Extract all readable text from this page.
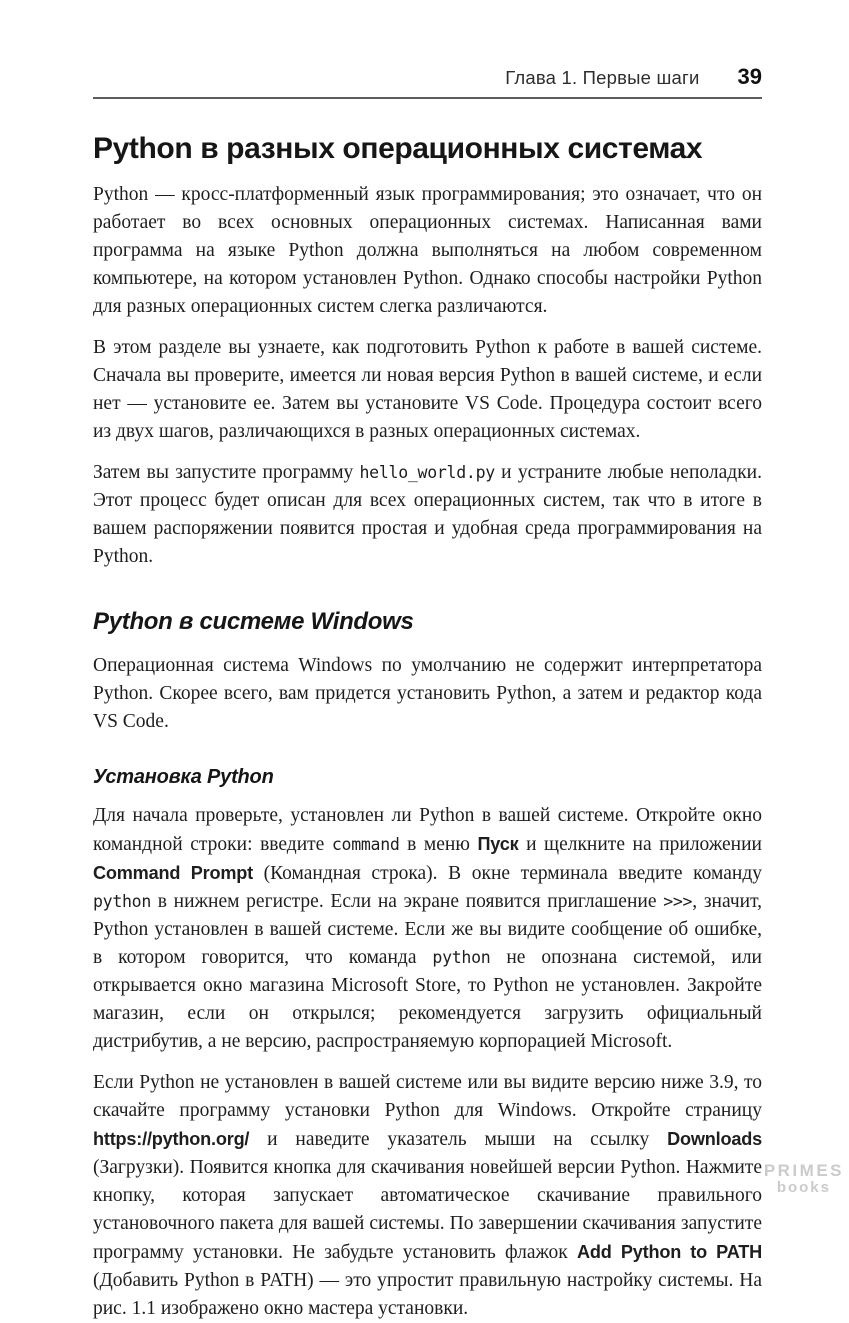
Глава 1. Первые шаги 39
Python в разных операционных системах

Python — кросс-платформенный язык программирования; это означает, что он работает во всех основных операционных системах. Написанная вами программа на языке Python должна выполняться на любом современном компьютере, на котором установлен Python. Однако способы настройки Python для разных операционных систем слегка различаются.

В этом разделе вы узнаете, как подготовить Python к работе в вашей системе. Сначала вы проверите, имеется ли новая версия Python в вашей системе, и если нет — установите ее. Затем вы установите VS Code. Процедура состоит всего из двух шагов, различающихся в разных операционных системах.

Затем вы запустите программу hello_world.py и устраните любые неполадки. Этот процесс будет описан для всех операционных систем, так что в итоге в вашем распоряжении появится простая и удобная среда программирования на Python.

Python в системе Windows

Операционная система Windows по умолчанию не содержит интерпретатора Python. Скорее всего, вам придется установить Python, а затем и редактор кода VS Code.

Установка Python

Для начала проверьте, установлен ли Python в вашей системе. Откройте окно командной строки: введите command в меню Пуск и щелкните на приложении Command Prompt (Командная строка). В окне терминала введите команду python в нижнем регистре. Если на экране появится приглашение >>>, значит, Python установлен в вашей системе. Если же вы видите сообщение об ошибке, в котором говорится, что команда python не опознана системой, или открывается окно магазина Microsoft Store, то Python не установлен. Закройте магазин, если он открылся; рекомендуется загрузить официальный дистрибутив, а не версию, распространяемую корпорацией Microsoft.

Если Python не установлен в вашей системе или вы видите версию ниже 3.9, то скачайте программу установки Python для Windows. Откройте страницу https://python.org/ и наведите указатель мыши на ссылку Downloads (Загрузки). Появится кнопка для скачивания новейшей версии Python. Нажмите кнопку, которая запускает автоматическое скачивание правильного установочного пакета для вашей системы. По завершении скачивания запустите программу установки. Не забудьте установить флажок Add Python to PATH (Добавить Python в PATH) — это упростит правильную настройку системы. На рис. 1.1 изображено окно мастера установки.

PRIMES
books
